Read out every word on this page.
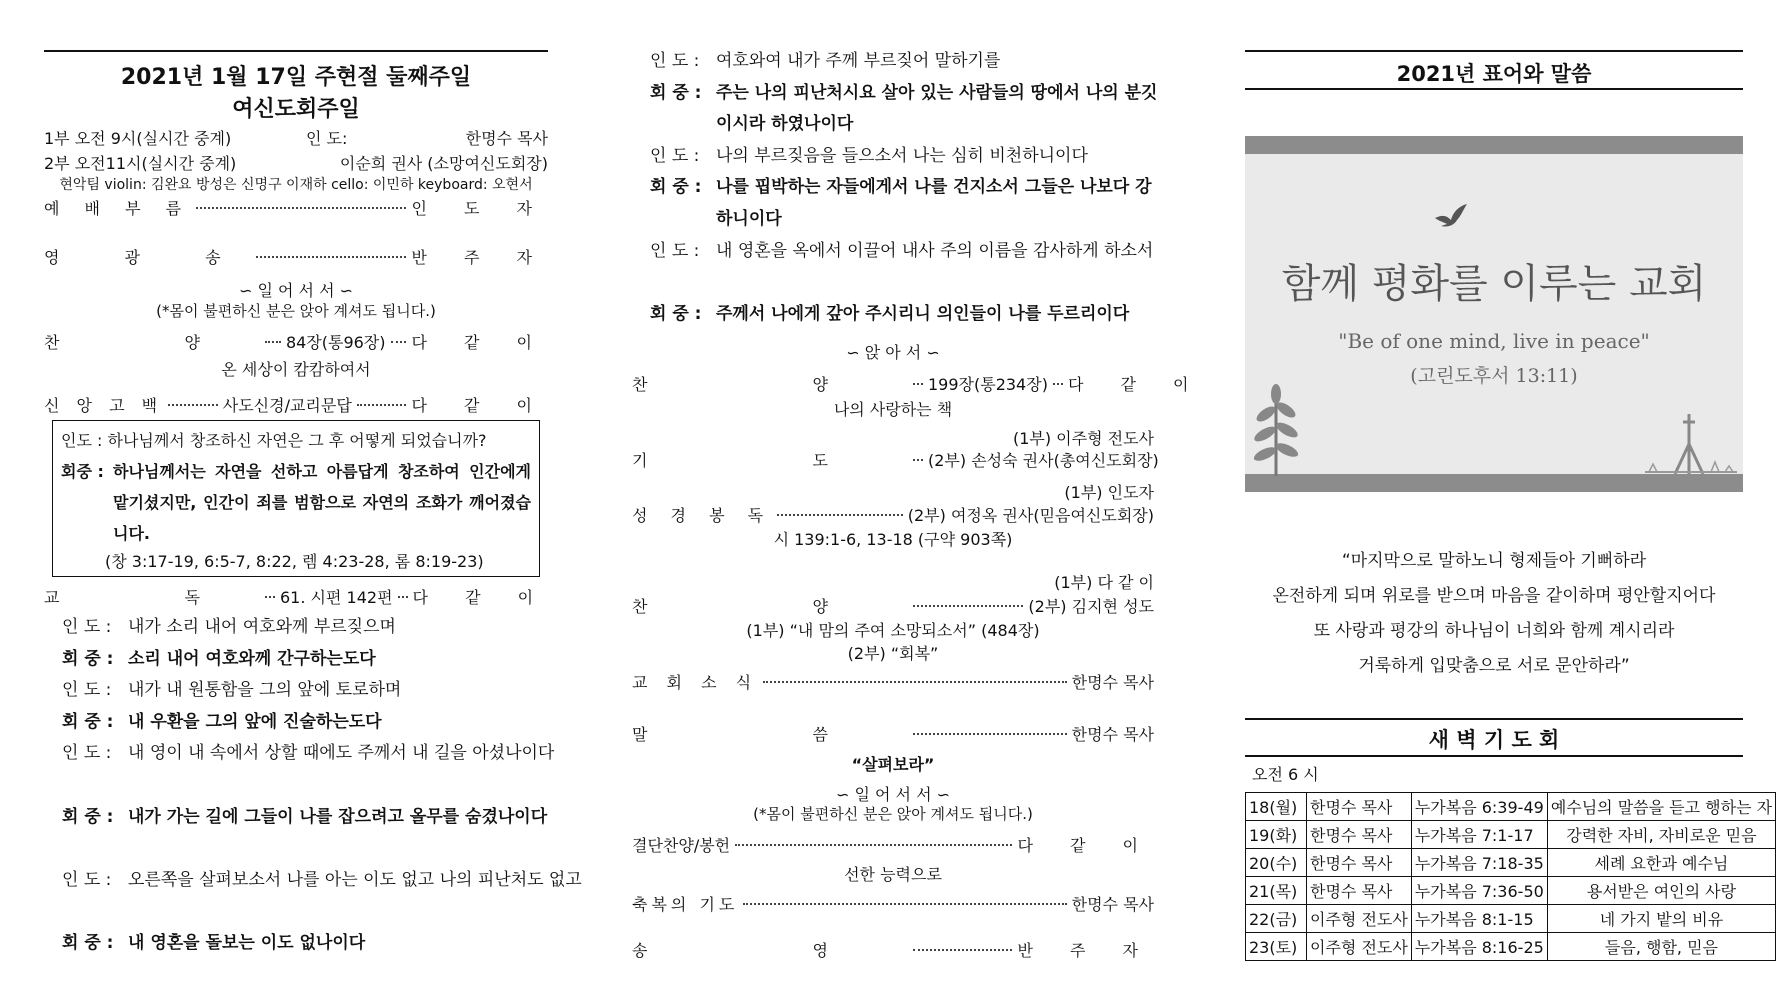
2021년 1월 17일 주현절 둘째주일
여신도회주일
1부 오전 9시(실시간 중계)	인 도:	한명수 목사
2부 오전11시(실시간 중계)	이순희 권사 (소망여신도회장)
현악팀 violin: 김완요 방성은 신명구 이재하 cello: 이민하 keyboard: 오현서
예 배 부 름	인 도 자
영 광 송	반 주 자
∽ 일 어 서 서 ∽
(*몸이 불편하신 분은 앉아 계셔도 됩니다.)
찬 양 84장(통96장) 다 같 이
온 세상이 캄캄하여서
신 앙 고 백	사도신경/교리문답	다 같 이
인도 : 하나님께서 창조하신 자연은 그 후 어떻게 되었습니까?
회중 : 하나님께서는 자연을 선하고 아름답게 창조하여 인간에게 맡기셨지만, 인간이 죄를 범함으로 자연의 조화가 깨어졌습니다.
(창 3:17-19, 6:5-7, 8:22, 렘 4:23-28, 롬 8:19-23)
교 독 61. 시편 142편 다 같 이
인 도 : 내가 소리 내어 여호와께 부르짖으며
회 중 : 소리 내어 여호와께 간구하는도다
인 도 : 내가 내 원통함을 그의 앞에 토로하며
회 중 : 내 우환을 그의 앞에 진술하는도다
인 도 : 내 영이 내 속에서 상할 때에도 주께서 내 길을 아셨나이다
회 중 : 내가 가는 길에 그들이 나를 잡으려고 올무를 숨겼나이다
인 도 : 오른쪽을 살펴보소서 나를 아는 이도 없고 나의 피난처도 없고
회 중 : 내 영혼을 돌보는 이도 없나이다
인 도 : 여호와여 내가 주께 부르짖어 말하기를
회 중 : 주는 나의 피난처시요 살아 있는 사람들의 땅에서 나의 분깃이시라 하였나이다
인 도 : 나의 부르짖음을 들으소서 나는 심히 비천하니이다
회 중 : 나를 핍박하는 자들에게서 나를 건지소서 그들은 나보다 강하니이다
인 도 : 내 영혼을 옥에서 이끌어 내사 주의 이름을 감사하게 하소서
회 중 : 주께서 나에게 갚아 주시리니 의인들이 나를 두르리이다
∽ 앉 아 서 ∽
찬 양 199장(통234장) 다 같 이
나의 사랑하는 책
(1부) 이주형 전도사
기 도 (2부) 손성숙 권사(총여신도회장)
(1부) 인도자
성 경 봉 독	(2부) 여정옥 권사(믿음여신도회장)
시 139:1-6, 13-18 (구약 903쪽)
(1부) 다 같 이
찬 양	(2부) 김지현 성도
(1부) “내 맘의 주여 소망되소서” (484장)
(2부) “회복”
교 회 소 식	한명수 목사
말 씀	한명수 목사
“살펴보라”
∽ 일 어 서 서 ∽
(*몸이 불편하신 분은 앉아 계셔도 됩니다.)
결단찬양/봉헌	다 같 이
선한 능력으로
축복의 기도	한명수 목사
송 영	반 주 자
2021년 표어와 말씀
함께 평화를 이루는 교회
"Be of one mind, live in peace"
(고린도후서 13:11)
“마지막으로 말하노니 형제들아 기뻐하라
온전하게 되며 위로를 받으며 마음을 같이하며 평안할지어다
또 사랑과 평강의 하나님이 너희와 함께 계시리라
거룩하게 입맞춤으로 서로 문안하라”
새 벽 기 도 회
오전 6 시
18(월)	한명수 목사	누가복음 6:39-49	예수님의 말씀을 듣고 행하는 자
19(화)	한명수 목사	누가복음 7:1-17	강력한 자비, 자비로운 믿음
20(수)	한명수 목사	누가복음 7:18-35	세례 요한과 예수님
21(목)	한명수 목사	누가복음 7:36-50	용서받은 여인의 사랑
22(금)	이주형 전도사	누가복음 8:1-15	네 가지 밭의 비유
23(토)	이주형 전도사	누가복음 8:16-25	들음, 행함, 믿음
